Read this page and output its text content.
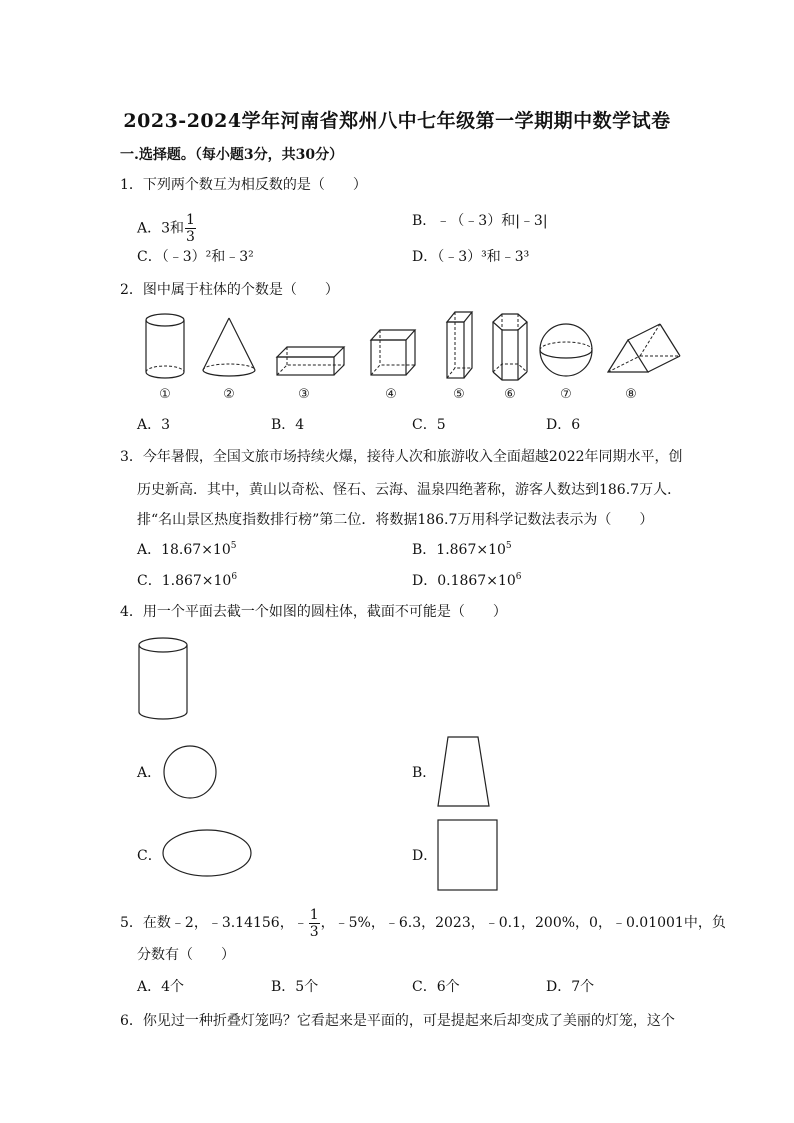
2023-2024学年河南省郑州八中七年级第一学期期中数学试卷
一.选择题。（每小题3分，共30分）
1．下列两个数互为相反数的是（　　）
A．3和 $\frac{1}{3}$	B．﹣（﹣3）和|﹣3|
C．（﹣3）²和﹣3²	D．（﹣3）³和﹣3³
2．图中属于柱体的个数是（　　）
①	②	③	④	⑤	⑥	⑦	⑧
A．3	B．4	C．5	D．6
3．今年暑假，全国文旅市场持续火爆，接待人次和旅游收入全面超越2022年同期水平，创
历史新高．其中，黄山以奇松、怪石、云海、温泉四绝著称，游客人数达到186.7万人．
排“名山景区热度指数排行榜”第二位．将数据186.7万用科学记数法表示为（　　）
A．$18.67\times 10^5$	B．$1.867\times 10^5$
C．$1.867\times 10^6$	D．$0.1867\times 10^6$
4．用一个平面去截一个如图的圆柱体，截面不可能是（　　）
A．	B．
C．	D．
5．在数﹣2，﹣3.14156，﹣ $\frac{1}{3}$ ，﹣5%，﹣6.3，2023，﹣0.1，200%，0，﹣0.01001中，负
分数有（　　）
A．4个	B．5个	C．6个	D．7个
6．你见过一种折叠灯笼吗？它看起来是平面的，可是提起来后却变成了美丽的灯笼，这个
